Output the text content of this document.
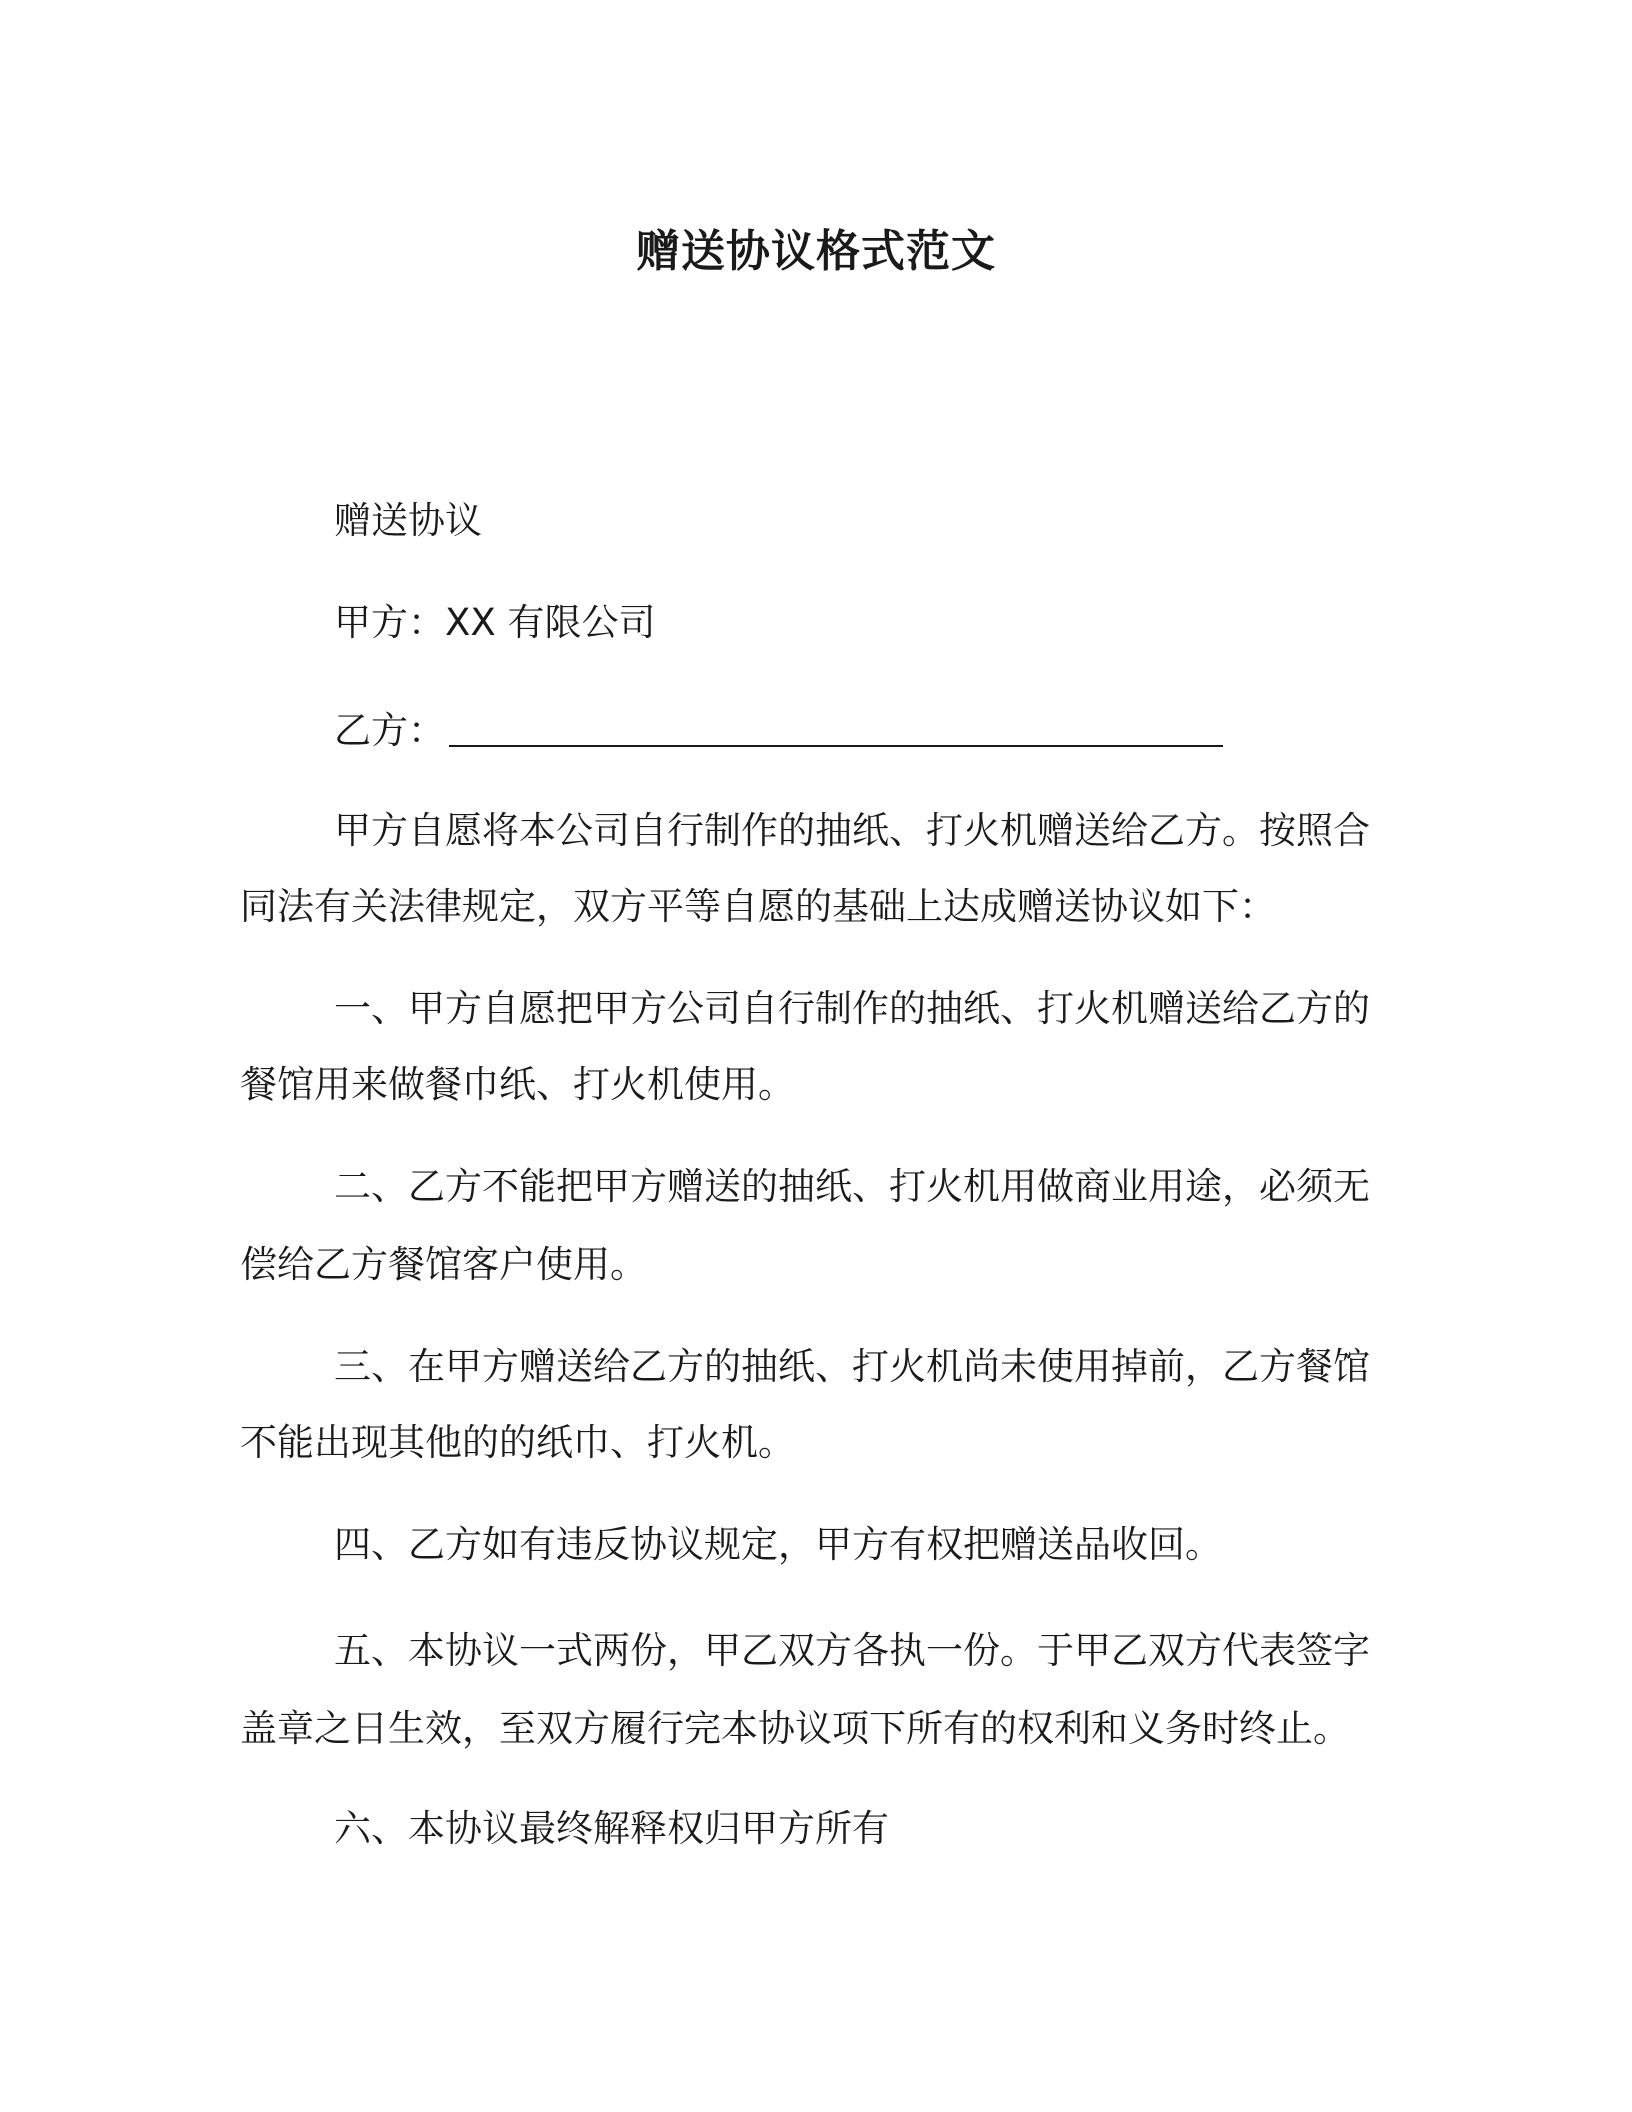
赠送协议格式范文

赠送协议

甲方：XX 有限公司

乙方：

甲方自愿将本公司自行制作的抽纸、打火机赠送给乙方。按照合

同法有关法律规定，双方平等自愿的基础上达成赠送协议如下：

一、甲方自愿把甲方公司自行制作的抽纸、打火机赠送给乙方的

餐馆用来做餐巾纸、打火机使用。

二、乙方不能把甲方赠送的抽纸、打火机用做商业用途，必须无

偿给乙方餐馆客户使用。

三、在甲方赠送给乙方的抽纸、打火机尚未使用掉前，乙方餐馆

不能出现其他的的纸巾、打火机。

四、乙方如有违反协议规定，甲方有权把赠送品收回。

五、本协议一式两份，甲乙双方各执一份。于甲乙双方代表签字

盖章之日生效，至双方履行完本协议项下所有的权利和义务时终止。

六、本协议最终解释权归甲方所有
